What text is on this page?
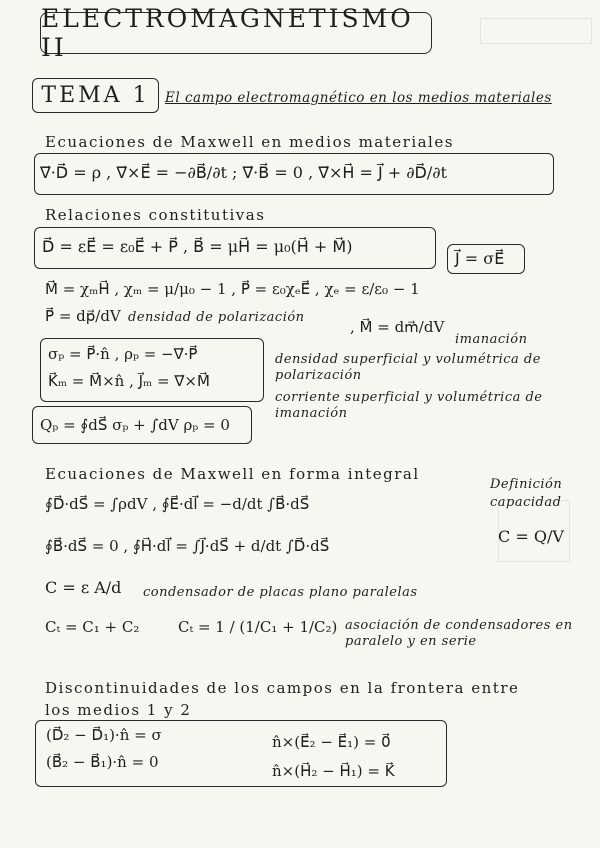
ELECTROMAGNETISMO II
TEMA 1 El campo electromagnético en los medios materiales
Ecuaciones de Maxwell en medios materiales
∇⃗·D⃗ = ρ , ∇⃗×E⃗ = −∂B⃗/∂t ; ∇⃗·B⃗ = 0 , ∇⃗×H⃗ = J⃗ + ∂D⃗/∂t
Relaciones constitutivas
D⃗ = εE⃗ = ε₀E⃗ + P⃗ , B⃗ = μH⃗ = μ₀(H⃗ + M⃗)
J⃗ = σE⃗
M⃗ = χₘH⃗ , χₘ = μ/μ₀ − 1 , P⃗ = ε₀χₑE⃗ , χₑ = ε/ε₀ − 1
P⃗ = dp⃗/dV densidad de polarización
, M⃗ = dm⃗/dV
imanación
σₚ = P⃗·n̂ , ρₚ = −∇⃗·P⃗
K⃗ₘ = M⃗×n̂ , J⃗ₘ = ∇⃗×M⃗
densidad superficial y volumétrica de polarización
corriente superficial y volumétrica de imanación
Qₚ = ∮dS⃗ σₚ + ∫dV ρₚ = 0
Ecuaciones de Maxwell en forma integral
∮D⃗·dS⃗ = ∫ρdV , ∮E⃗·dl⃗ = −d/dt ∫B⃗·dS⃗
∮B⃗·dS⃗ = 0 , ∮H⃗·dl⃗ = ∫J⃗·dS⃗ + d/dt ∫D⃗·dS⃗
Definición capacidad
C = Q/V
C = ε A/d condensador de placas plano paralelas
Cₜ = C₁ + C₂	Cₜ = 1 / (1/C₁ + 1/C₂) asociación de condensadores en paralelo y en serie
Discontinuidades de los campos en la frontera entre los medios 1 y 2
(D⃗₂ − D⃗₁)·n̂ = σ	n̂×(E⃗₂ − E⃗₁) = 0⃗
(B⃗₂ − B⃗₁)·n̂ = 0	n̂×(H⃗₂ − H⃗₁) = K⃗
